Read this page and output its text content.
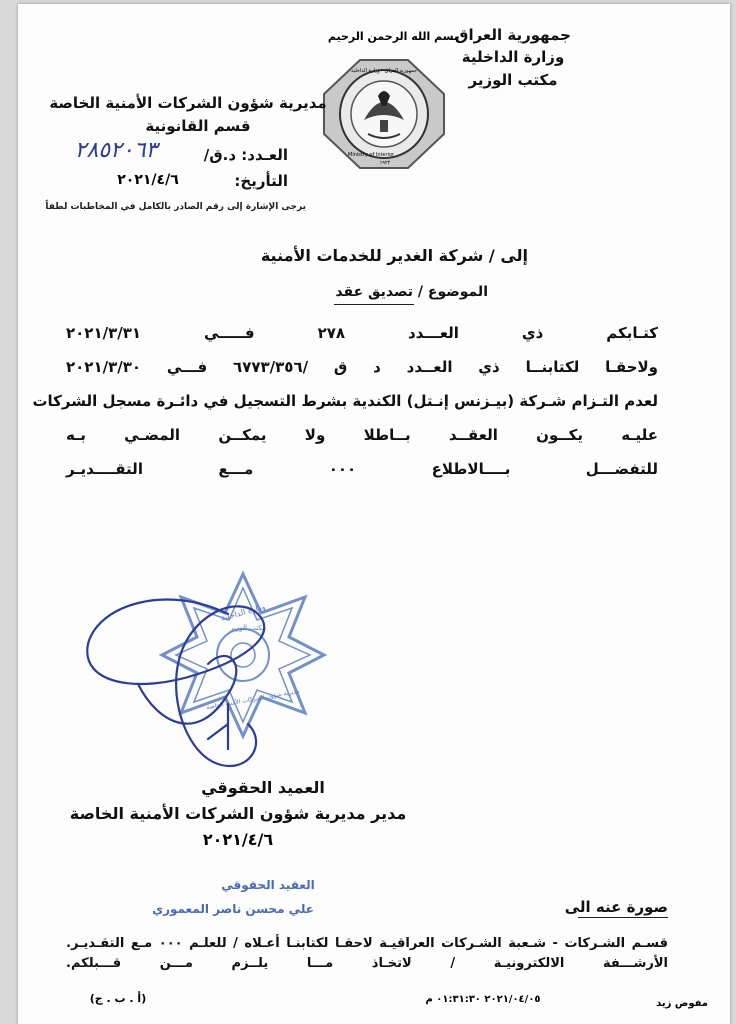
بسم الله الرحمن الرحيم
جمهورية العراق - وزارة الداخلية
Ministry of Interior
١٩٢٢
جمهورية العراق
وزارة الداخلية
مكتب الوزير
مديرية شؤون الشركات الأمنية الخاصة
قسم القانونية
العـدد: د.ق/
٢٨٥٢٠٦٣
التأريخ:
٢٠٢١/٤/٦
يرجى الإشارة إلى رقم الصادر بالكامل في المخاطبات لطفاً
إلى / شركة الغدير للخدمات الأمنية
الموضوع / تصديق عقد
كتـابكم ذي العـــدد ٢٧٨ فـــــي ٢٠٢١/٣/٣١
ولاحقـا لكتابنــا ذي العــدد د ق /٦٧٧٣/٣٥٦ فـــي ٢٠٢١/٣/٣٠
لعدم التـزام شـركة (بيـزنس إنـتل) الكندية بشرط التسجيل في دائـرة مسجل الشركات
عليـه يكــون العقــد بــاطلا ولا يمكــن المضـي بـه
للتفضـــل بــــالاطلاع ٠٠٠ مـــع التقــــديـر
وزارة الداخلية
مكتب الوزير
مديرية شؤون الشركات الأمنية الخاصة
العميد الحقوقي
مدير مديرية شؤون الشركات الأمنية الخاصة
٢٠٢١/٤/٦
العقيد الحقوقي
علي محسن ناصر المعموري	صورة عنه الى
قسـم الشـركات - شـعبة الشـركات العراقيـة لاحقـا لكتابنـا أعـلاه / للعلـم ٠٠٠ مـع التقـديـر.
الأرشـــفة الالكترونيـة / لاتخـاذ مـــا يلــزم مـــن قـــبلكم.
(أ . ب . ج)	٢٠٢١/٠٤/٠٥ ٠١:٣١:٣٠ م	مفوض زيد
